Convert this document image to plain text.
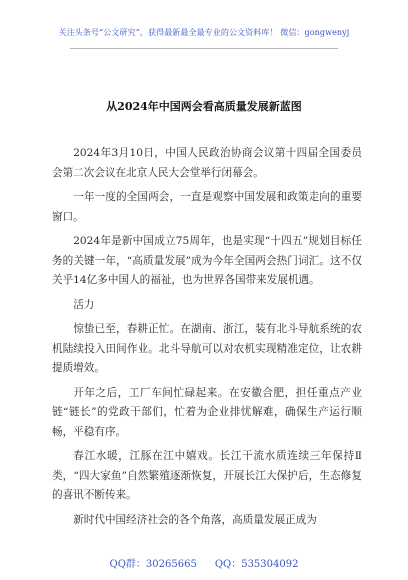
关注头条号“公文研究”，获得最新最全最专业的公文资料库！ 微信：gongwenyj
从2024年中国两会看高质量发展新蓝图

2024年3月10日，中国人民政治协商会议第十四届全国委员会第二次会议在北京人民大会堂举行闭幕会。

一年一度的全国两会，一直是观察中国发展和政策走向的重要窗口。

2024年是新中国成立75周年，也是实现“十四五”规划目标任务的关键一年，“高质量发展”成为今年全国两会热门词汇。这不仅关乎14亿多中国人的福祉，也为世界各国带来发展机遇。

活力

惊蛰已至，春耕正忙。在湖南、浙江，装有北斗导航系统的农机陆续投入田间作业。北斗导航可以对农机实现精准定位，让农耕提质增效。

开年之后，工厂车间忙碌起来。在安徽合肥，担任重点产业链“链长”的党政干部们，忙着为企业排忧解难，确保生产运行顺畅，平稳有序。

春江水暖，江豚在江中嬉戏。长江干流水质连续三年保持Ⅱ类，“四大家鱼”自然繁殖逐渐恢复，开展长江大保护后，生态修复的喜讯不断传来。

新时代中国经济社会的各个角落，高质量发展正成为

QQ群：30265665 QQ：535304092
